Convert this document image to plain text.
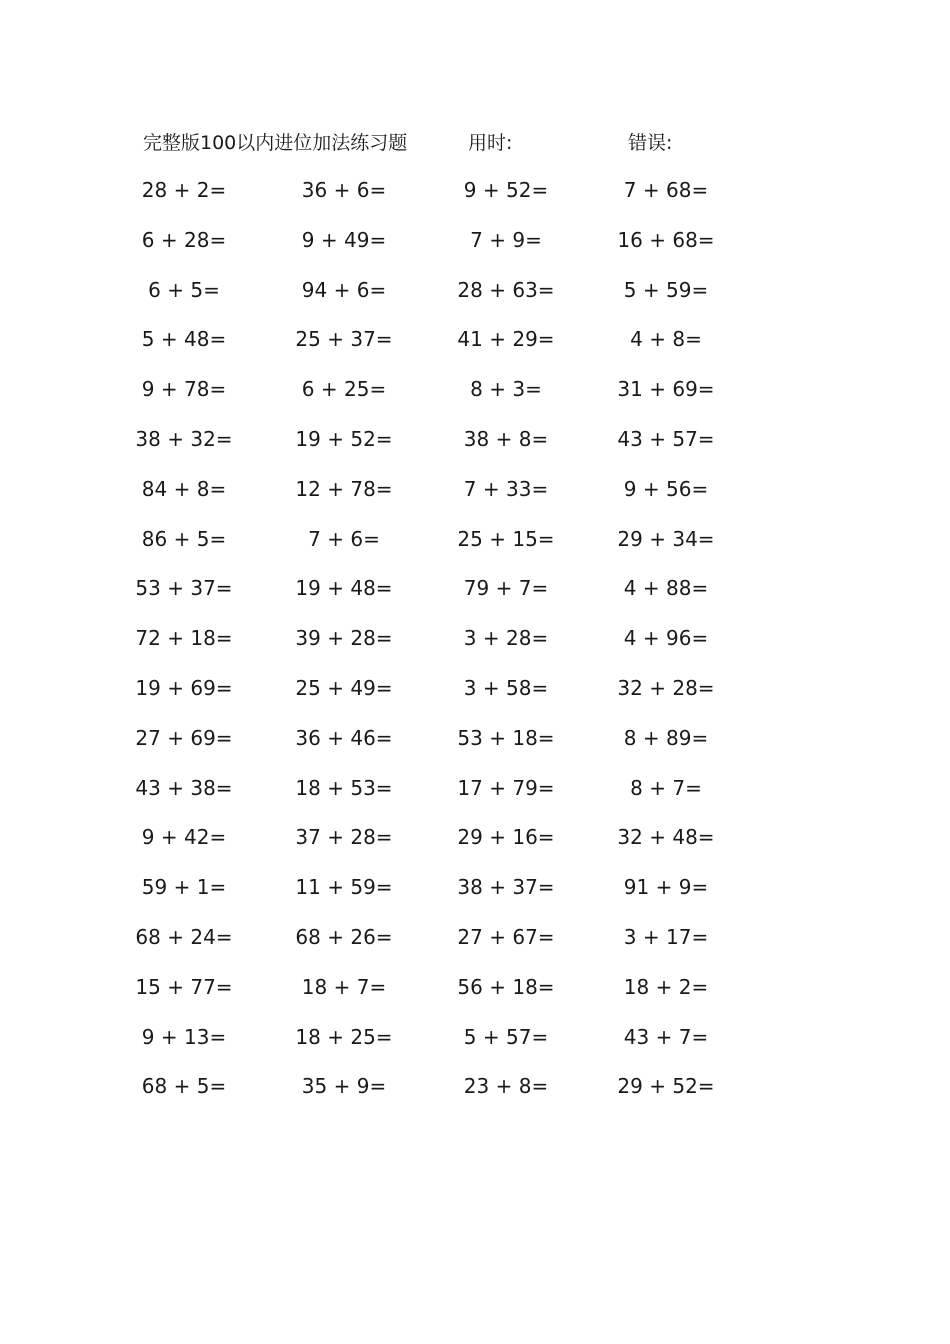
完整版100以内进位加法练习题	用时:	错误:
28 + 2=	36 + 6=	9 + 52=	7 + 68=
6 + 28=	9 + 49=	7 + 9=	16 + 68=
6 + 5=	94 + 6=	28 + 63=	5 + 59=
5 + 48=	25 + 37=	41 + 29=	4 + 8=
9 + 78=	6 + 25=	8 + 3=	31 + 69=
38 + 32=	19 + 52=	38 + 8=	43 + 57=
84 + 8=	12 + 78=	7 + 33=	9 + 56=
86 + 5=	7 + 6=	25 + 15=	29 + 34=
53 + 37=	19 + 48=	79 + 7=	4 + 88=
72 + 18=	39 + 28=	3 + 28=	4 + 96=
19 + 69=	25 + 49=	3 + 58=	32 + 28=
27 + 69=	36 + 46=	53 + 18=	8 + 89=
43 + 38=	18 + 53=	17 + 79=	8 + 7=
9 + 42=	37 + 28=	29 + 16=	32 + 48=
59 + 1=	11 + 59=	38 + 37=	91 + 9=
68 + 24=	68 + 26=	27 + 67=	3 + 17=
15 + 77=	18 + 7=	56 + 18=	18 + 2=
9 + 13=	18 + 25=	5 + 57=	43 + 7=
68 + 5=	35 + 9=	23 + 8=	29 + 52=
